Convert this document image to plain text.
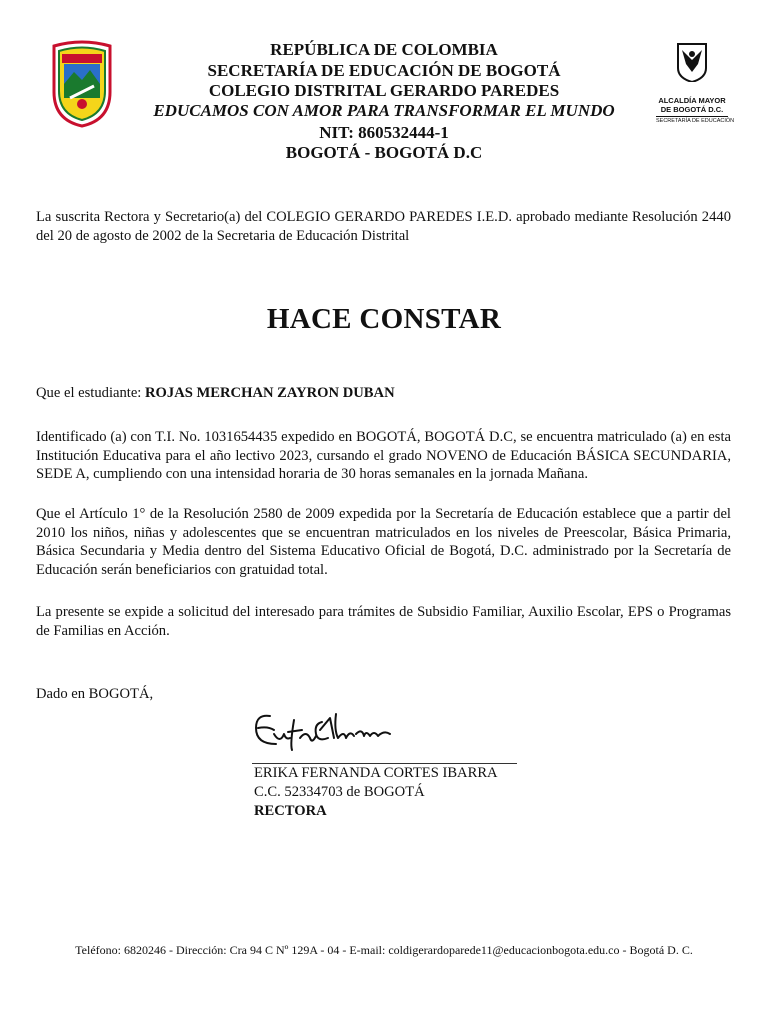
REPÚBLICA DE COLOMBIA
SECRETARÍA DE EDUCACIÓN DE BOGOTÁ
COLEGIO DISTRITAL GERARDO PAREDES
EDUCAMOS CON AMOR PARA TRANSFORMAR EL MUNDO
NIT: 860532444-1
BOGOTÁ - BOGOTÁ D.C
ALCALDÍA MAYOR
DE BOGOTÁ D.C.
SECRETARÍA DE EDUCACIÓN
La suscrita Rectora y Secretario(a) del COLEGIO GERARDO PAREDES I.E.D. aprobado mediante Resolución 2440 del 20 de agosto de 2002 de la Secretaria de Educación Distrital
HACE CONSTAR
Que el estudiante: ROJAS MERCHAN ZAYRON DUBAN
Identificado (a) con T.I. No. 1031654435 expedido en BOGOTÁ, BOGOTÁ D.C, se encuentra matriculado (a) en esta Institución Educativa para el año lectivo 2023, cursando el grado NOVENO de Educación BÁSICA SECUNDARIA, SEDE A, cumpliendo con una intensidad horaria de 30 horas semanales en la jornada Mañana.
Que el Artículo 1° de la Resolución 2580 de 2009 expedida por la Secretaría de Educación establece que a partir del 2010 los niños, niñas y adolescentes que se encuentran matriculados en los niveles de Preescolar, Básica Primaria, Básica Secundaria y Media dentro del Sistema Educativo Oficial de Bogotá, D.C. administrado por la Secretaría de Educación serán beneficiarios con gratuidad total.
La presente se expide a solicitud del interesado para trámites de Subsidio Familiar, Auxilio Escolar, EPS o Programas de Familias en Acción.
Dado en BOGOTÁ,
ERIKA FERNANDA CORTES IBARRA
C.C. 52334703 de BOGOTÁ
RECTORA
Teléfono: 6820246 - Dirección: Cra 94 C Nº 129A - 04 - E-mail: coldigerardoparede11@educacionbogota.edu.co - Bogotá D. C.
